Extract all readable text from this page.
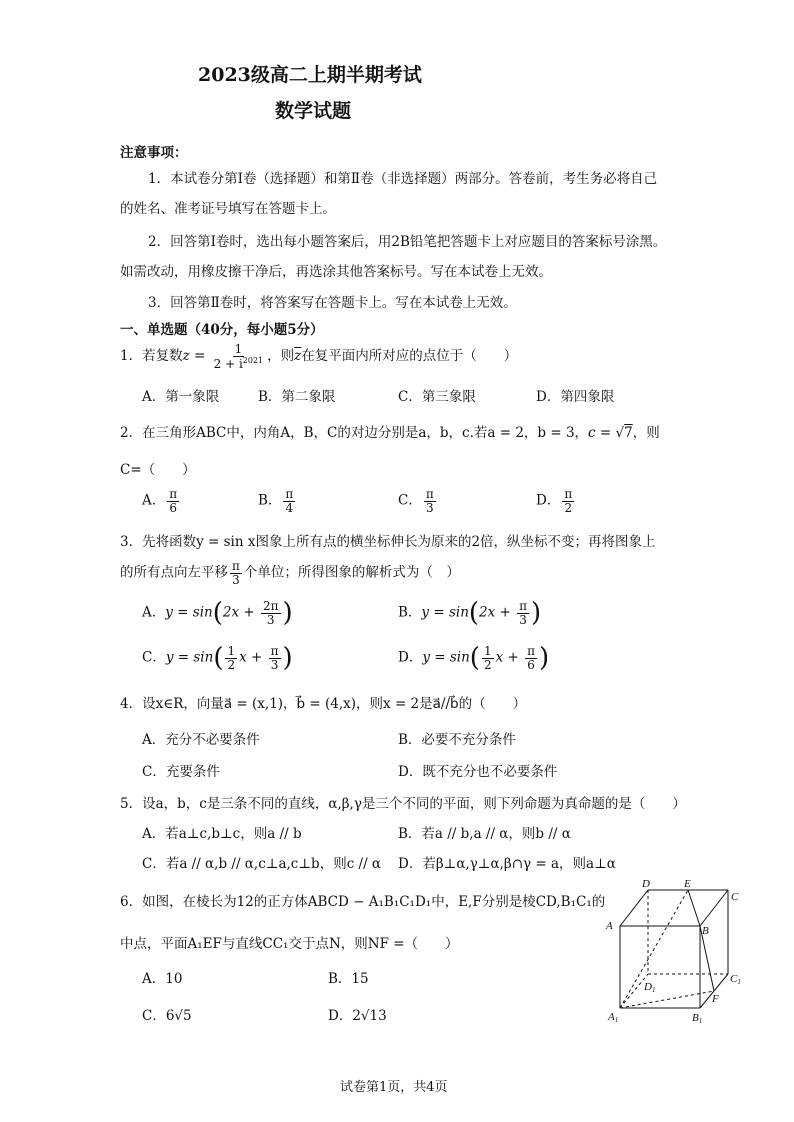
2023级高二上期半期考试
数学试题
注意事项：
1．本试卷分第Ⅰ卷（选择题）和第Ⅱ卷（非选择题）两部分。答卷前，考生务必将自己
的姓名、准考证号填写在答题卡上。
2．回答第Ⅰ卷时，选出每小题答案后，用2B铅笔把答题卡上对应题目的答案标号涂黑。
如需改动，用橡皮擦干净后，再选涂其他答案标号。写在本试卷上无效。
3．回答第Ⅱ卷时，将答案写在答题卡上。写在本试卷上无效。
一、单选题（40分，每小题5分）
1．若复数$z = \frac{1}{2 + i^{2021}}$ ，则$\overline{z}$在复平面内所对应的点位于（　　）
A．第一象限	B．第二象限	C．第三象限	D．第四象限
2．在三角形ABC中，内角A，B，C的对边分别是a，b，c.若a = 2，b = 3，c = √7，则
C=（　　）
A． $\frac{\pi}{6}$	B． $\frac{\pi}{4}$	C． $\frac{\pi}{3}$	D． $\frac{\pi}{2}$
3．先将函数y = sin x图象上所有点的横坐标伸长为原来的2倍，纵坐标不变；再将图象上
的所有点向左平移 $\frac{\pi}{3}$ 个单位；所得图象的解析式为（　）
A．$y = \sin(2x + \frac{2\pi}{3}$ )	B．$y = \sin(2x + \frac{\pi}{3}$ )
C．$y = \sin( \frac{1}{2}$ $x + \frac{\pi}{3}$ )	D．$y = \sin( \frac{1}{2}$ $x + \frac{\pi}{6}$ )
4．设x∈R，向量a⃗ = (x,1)，b⃗ = (4,x)，则x = 2是a⃗//b⃗的（　　）
A．充分不必要条件	B．必要不充分条件
C．充要条件	D．既不充分也不必要条件
5．设a，b，c是三条不同的直线，α,β,γ是三个不同的平面，则下列命题为真命题的是（　　）
A．若a⊥c,b⊥c，则a // b	B．若a // b,a // α，则b // α
C．若a // α,b // α,c⊥a,c⊥b，则c // α D．若β⊥α,γ⊥α,β∩γ = a，则a⊥α
6．如图，在棱长为12的正方体ABCD − A₁B₁C₁D₁中，E,F分别是棱CD,B₁C₁的
中点，平面A₁EF与直线CC₁交于点N，则NF =（　　）
A．10	B．15
C．6√5	D．2√13
D	E
C
A	B
D1
C1
F
A1	B1
试卷第1页，共4页
